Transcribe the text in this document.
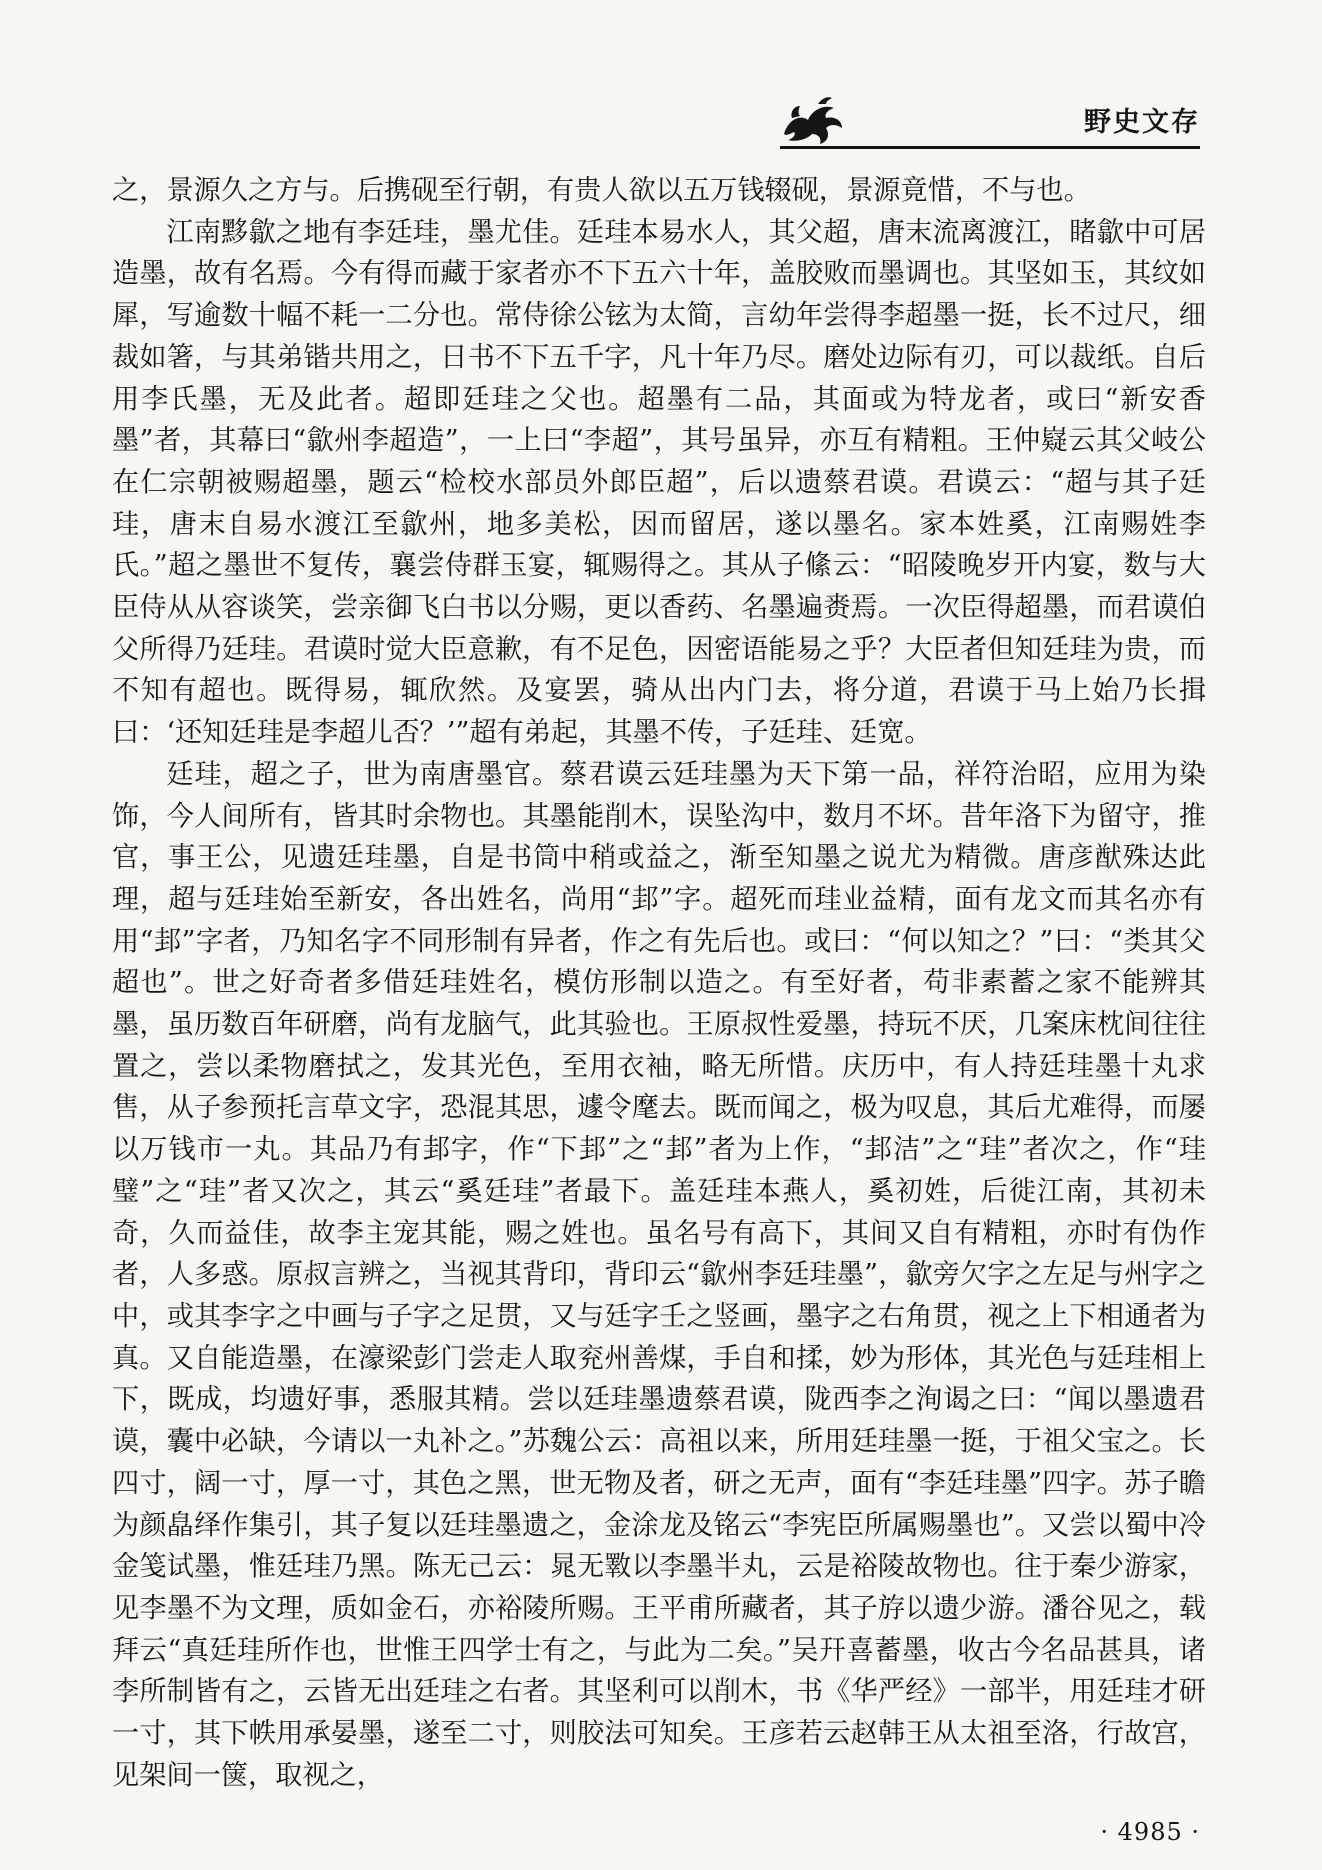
野史文存

之，景源久之方与。后携砚至行朝，有贵人欲以五万钱辍砚，景源竟惜，不与也。

江南黟歙之地有李廷珪，墨尤佳。廷珪本易水人，其父超，唐末流离渡江，睹歙中可居造墨，故有名焉。今有得而藏于家者亦不下五六十年，盖胶败而墨调也。其坚如玉，其纹如犀，写逾数十幅不耗一二分也。常侍徐公铉为太简，言幼年尝得李超墨一挺，长不过尺，细裁如箸，与其弟锴共用之，日书不下五千字，凡十年乃尽。磨处边际有刃，可以裁纸。自后用李氏墨，无及此者。超即廷珪之父也。超墨有二品，其面或为特龙者，或曰“新安香墨”者，其幕曰“歙州李超造”，一上曰“李超”，其号虽异，亦互有精粗。王仲嶷云其父岐公在仁宗朝被赐超墨，题云“检校水部员外郎臣超”，后以遗蔡君谟。君谟云：“超与其子廷珪，唐末自易水渡江至歙州，地多美松，因而留居，遂以墨名。家本姓奚，江南赐姓李氏。”超之墨世不复传，襄尝侍群玉宴，辄赐得之。其从子絛云：“昭陵晚岁开内宴，数与大臣侍从从容谈笑，尝亲御飞白书以分赐，更以香药、名墨遍赉焉。一次臣得超墨，而君谟伯父所得乃廷珪。君谟时觉大臣意歉，有不足色，因密语能易之乎？大臣者但知廷珪为贵，而不知有超也。既得易，辄欣然。及宴罢，骑从出内门去，将分道，君谟于马上始乃长揖曰：‘还知廷珪是李超儿否？’”超有弟起，其墨不传，子廷珪、廷宽。

廷珪，超之子，世为南唐墨官。蔡君谟云廷珪墨为天下第一品，祥符治昭，应用为染饰，今人间所有，皆其时余物也。其墨能削木，误坠沟中，数月不坏。昔年洛下为留守，推官，事王公，见遗廷珪墨，自是书筒中稍或益之，渐至知墨之说尤为精微。唐彦猷殊达此理，超与廷珪始至新安，各出姓名，尚用“邽”字。超死而珪业益精，面有龙文而其名亦有用“邽”字者，乃知名字不同形制有异者，作之有先后也。或曰：“何以知之？”曰：“类其父超也”。世之好奇者多借廷珪姓名，模仿形制以造之。有至好者，苟非素蓄之家不能辨其墨，虽历数百年研磨，尚有龙脑气，此其验也。王原叔性爱墨，持玩不厌，几案床枕间往往置之，尝以柔物磨拭之，发其光色，至用衣袖，略无所惜。庆历中，有人持廷珪墨十丸求售，从子参预托言草文字，恐混其思，遽令麾去。既而闻之，极为叹息，其后尤难得，而屡以万钱市一丸。其品乃有邽字，作“下邽”之“邽”者为上作，“邽洁”之“珪”者次之，作“珪璧”之“珪”者又次之，其云“奚廷珪”者最下。盖廷珪本燕人，奚初姓，后徙江南，其初未奇，久而益佳，故李主宠其能，赐之姓也。虽名号有高下，其间又自有精粗，亦时有伪作者，人多惑。原叔言辨之，当视其背印，背印云“歙州李廷珪墨”，歙旁欠字之左足与州字之中，或其李字之中画与子字之足贯，又与廷字壬之竖画，墨字之右角贯，视之上下相通者为真。又自能造墨，在濠梁彭门尝走人取兖州善煤，手自和揉，妙为形体，其光色与廷珪相上下，既成，均遗好事，悉服其精。尝以廷珪墨遗蔡君谟，陇西李之洵谒之曰：“闻以墨遗君谟，囊中必缺，今请以一丸补之。”苏魏公云：高祖以来，所用廷珪墨一挺，于祖父宝之。长四寸，阔一寸，厚一寸，其色之黑，世无物及者，研之无声，面有“李廷珪墨”四字。苏子瞻为颜皛绎作集引，其子复以廷珪墨遗之，金涂龙及铭云“李宪臣所属赐墨也”。又尝以蜀中冷金笺试墨，惟廷珪乃黑。陈无己云：晁无斁以李墨半丸，云是裕陵故物也。往于秦少游家，见李墨不为文理，质如金石，亦裕陵所赐。王平甫所藏者，其子斿以遗少游。潘谷见之，载拜云“真廷珪所作也，世惟王四学士有之，与此为二矣。”吴幵喜蓄墨，收古今名品甚具，诸李所制皆有之，云皆无出廷珪之右者。其坚利可以削木，书《华严经》一部半，用廷珪才研一寸，其下帙用承晏墨，遂至二寸，则胶法可知矣。王彦若云赵韩王从太祖至洛，行故宫，见架间一箧，取视之，

· 4985 ·
